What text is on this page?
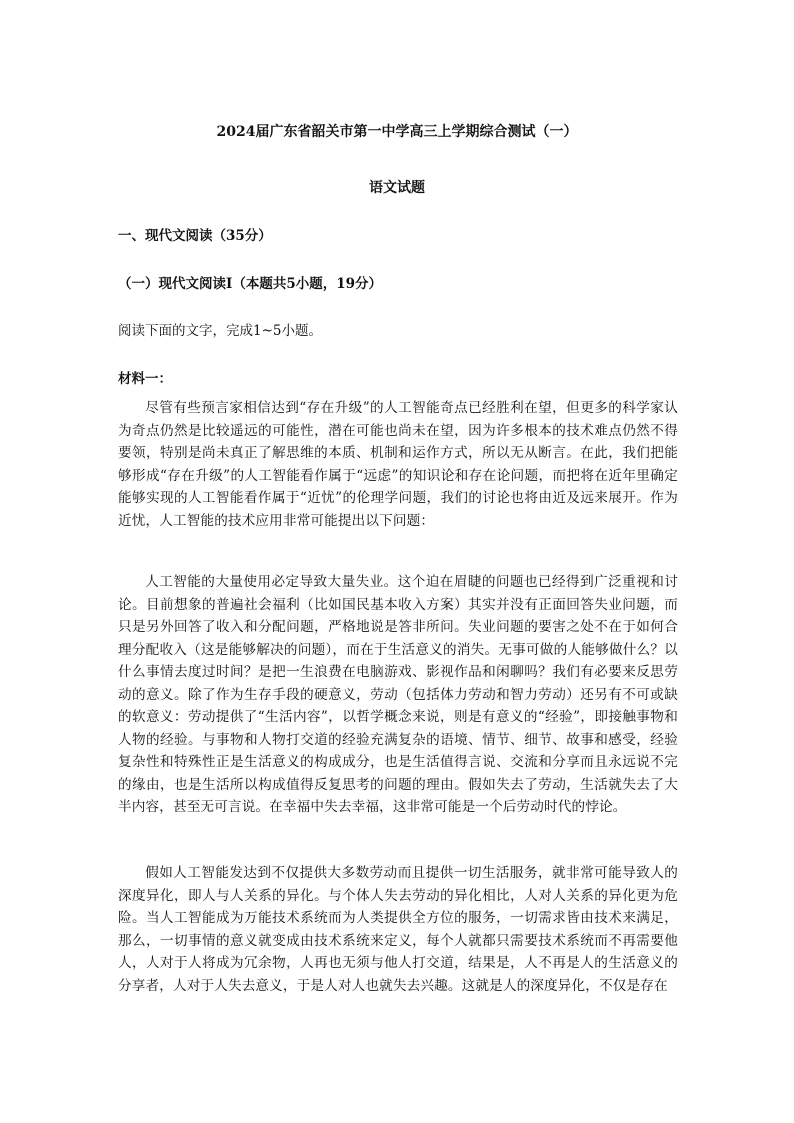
2024届广东省韶关市第一中学高三上学期综合测试（一）
语文试题
一、现代文阅读（35分）
（一）现代文阅读Ⅰ（本题共5小题，19分）
阅读下面的文字，完成1~5小题。
材料一：

尽管有些预言家相信达到“存在升级”的人工智能奇点已经胜利在望，但更多的科学家认为奇点仍然是比较遥远的可能性，潜在可能也尚未在望，因为许多根本的技术难点仍然不得要领，特别是尚未真正了解思维的本质、机制和运作方式，所以无从断言。在此，我们把能够形成“存在升级”的人工智能看作属于“远虑”的知识论和存在论问题，而把将在近年里确定能够实现的人工智能看作属于“近忧”的伦理学问题，我们的讨论也将由近及远来展开。作为近忧，人工智能的技术应用非常可能提出以下问题：

人工智能的大量使用必定导致大量失业。这个迫在眉睫的问题也已经得到广泛重视和讨论。目前想象的普遍社会福利（比如国民基本收入方案）其实并没有正面回答失业问题，而只是另外回答了收入和分配问题，严格地说是答非所问。失业问题的要害之处不在于如何合理分配收入（这是能够解决的问题），而在于生活意义的消失。无事可做的人能够做什么？以什么事情去度过时间？是把一生浪费在电脑游戏、影视作品和闲聊吗？我们有必要来反思劳动的意义。除了作为生存手段的硬意义，劳动（包括体力劳动和智力劳动）还另有不可或缺的软意义：劳动提供了“生活内容”，以哲学概念来说，则是有意义的“经验”，即接触事物和人物的经验。与事物和人物打交道的经验充满复杂的语境、情节、细节、故事和感受，经验复杂性和特殊性正是生活意义的构成成分，也是生活值得言说、交流和分享而且永远说不完的缘由，也是生活所以构成值得反复思考的问题的理由。假如失去了劳动，生活就失去了大半内容，甚至无可言说。在幸福中失去幸福，这非常可能是一个后劳动时代的悖论。

假如人工智能发达到不仅提供大多数劳动而且提供一切生活服务，就非常可能导致人的深度异化，即人与人关系的异化。与个体人失去劳动的异化相比，人对人关系的异化更为危险。当人工智能成为万能技术系统而为人类提供全方位的服务，一切需求皆由技术来满足，那么，一切事情的意义就变成由技术系统来定义，每个人就都只需要技术系统而不再需要他人，人对于人将成为冗余物，人再也无须与他人打交道，结果是，人不再是人的生活意义的分享者，人对于人失去意义，于是人对人也就失去兴趣。这就是人的深度异化，不仅是存在
